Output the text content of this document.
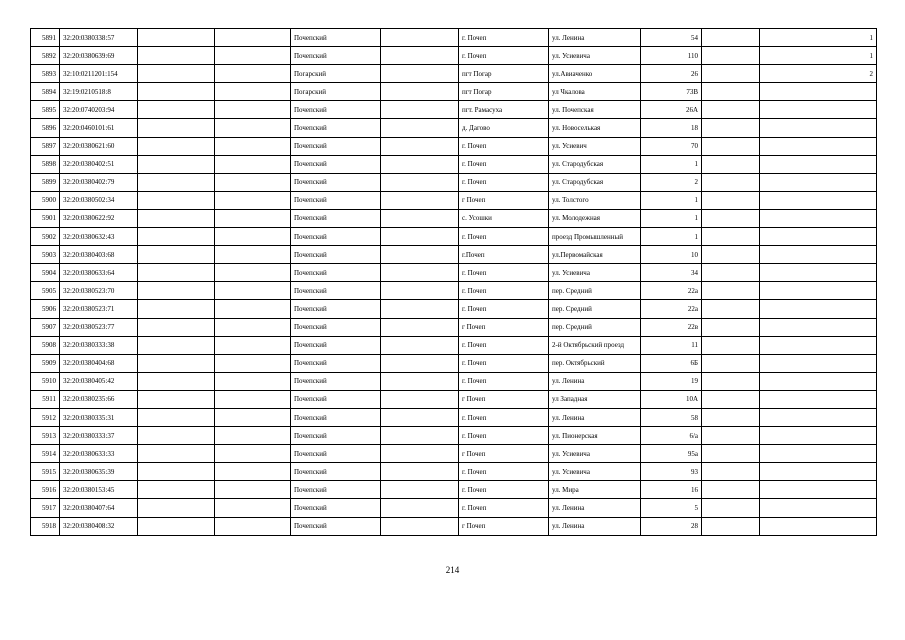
5891	32:20:0380338:57			Почепский		г. Почеп	ул. Ленина	54		1
5892	32:20:0380639:69			Почепский		г. Почеп	ул. Усиевича	110		1
5893	32:10:0211201:154			Погарский		пгт Погар	ул.Авиаченко	26		2
5894	32:19:0210518:8			Погарский		пгт Погар	ул Чкалова	73В		
5895	32:20:0740203:94			Почепский		пгт. Рамасуха	ул. Почепская	26А		
5896	32:20:0460101:61			Почепский		д. Дагово	ул. Новоселькая	18		
5897	32:20:0380621:60			Почепский		г. Почеп	ул. Усиевич	70		
5898	32:20:0380402:51			Почепский		г. Почеп	ул. Стародубская	1		
5899	32:20:0380402:79			Почепский		г. Почеп	ул. Стародубская	2		
5900	32:20:0380502:34			Почепский		г Почеп	ул. Толстого	1		
5901	32:20:0380622:92			Почепский		с. Усошки	ул. Молодежная	1		
5902	32:20:0380632:43			Почепский		г. Почеп	проезд Промышленный	1		
5903	32:20:0380403:68			Почепский		г.Почеп	ул.Первомайская	10		
5904	32:20:0380633:64			Почепский		г. Почеп	ул. Усиевича	34		
5905	32:20:0380523:70			Почепский		г. Почеп	пер. Средний	22а		
5906	32:20:0380523:71			Почепский		г. Почеп	пер. Средний	22а		
5907	32:20:0380523:77			Почепский		г Почеп	пер. Средний	22в		
5908	32:20:0380333:38			Почепский		г. Почеп	2-й Октябрьский проезд	11		
5909	32:20:0380404:68			Почепский		г. Почеп	пер. Октябрьский	6Б		
5910	32:20:0380405:42			Почепский		г. Почеп	ул. Ленина	19		
5911	32:20:0380235:66			Почепский		г Почеп	ул Западная	10А		
5912	32:20:0380335:31			Почепский		г. Почеп	ул. Ленина	58		
5913	32:20:0380333:37			Почепский		г. Почеп	ул. Пионерская	6/а		
5914	32:20:0380633:33			Почепский		г Почеп	ул. Усиевича	95а		
5915	32:20:0380635:39			Почепский		г. Почеп	ул. Усиевича	93		
5916	32:20:0380153:45			Почепский		г. Почеп	ул. Мира	16		
5917	32:20:0380407:64			Почепский		г. Почеп	ул. Ленина	5		
5918	32:20:0380408:32			Почепский		г Почеп	ул. Ленина	28		
214
